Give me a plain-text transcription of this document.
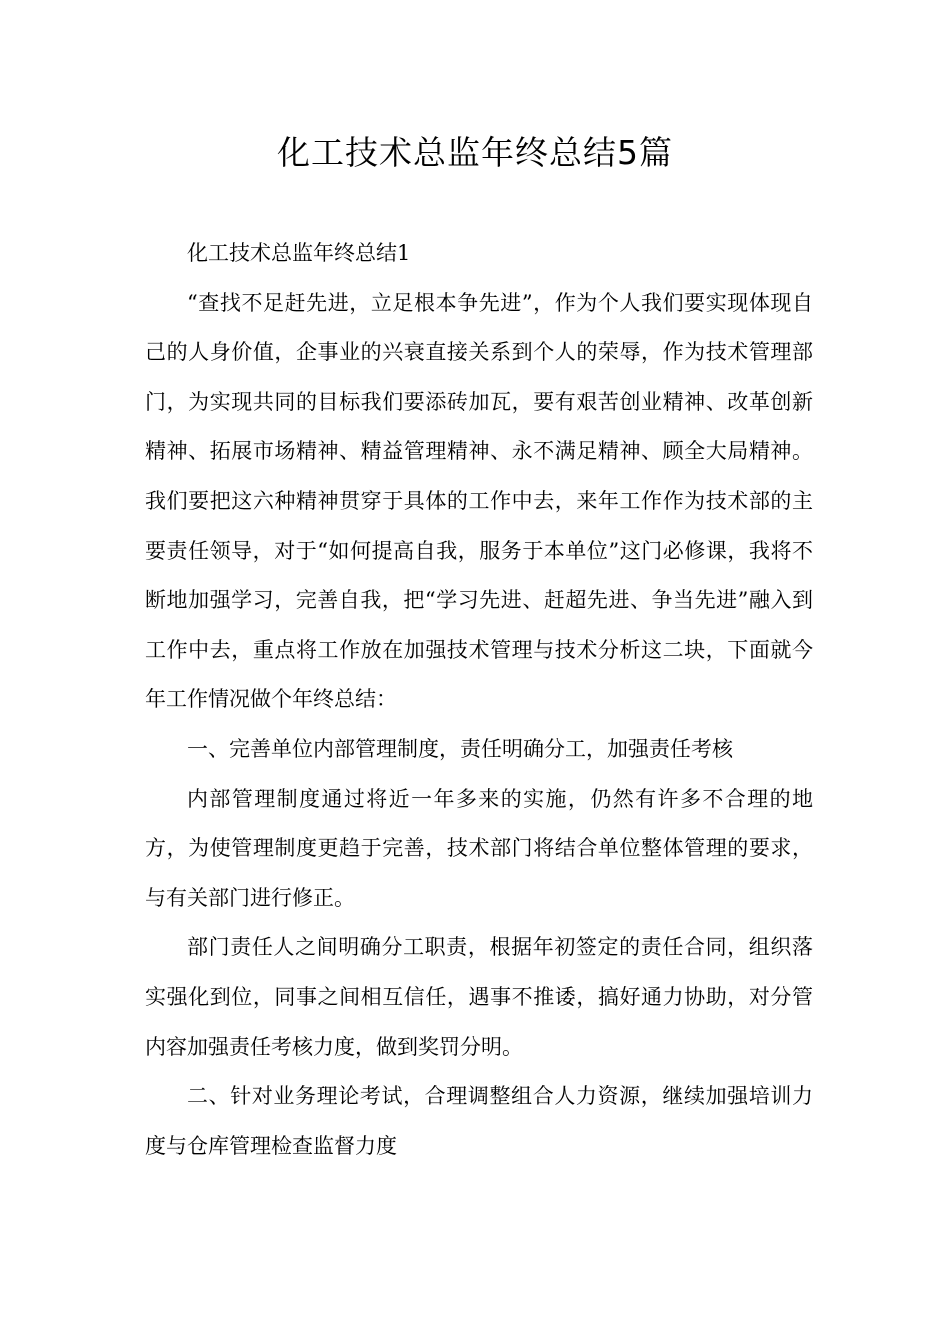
化工技术总监年终总结5篇

化工技术总监年终总结1

“查找不足赶先进，立足根本争先进”，作为个人我们要实现体现自己的人身价值，企事业的兴衰直接关系到个人的荣辱，作为技术管理部门，为实现共同的目标我们要添砖加瓦，要有艰苦创业精神、改革创新精神、拓展市场精神、精益管理精神、永不满足精神、顾全大局精神。我们要把这六种精神贯穿于具体的工作中去，来年工作作为技术部的主要责任领导，对于“如何提高自我，服务于本单位”这门必修课，我将不断地加强学习，完善自我，把“学习先进、赶超先进、争当先进”融入到工作中去，重点将工作放在加强技术管理与技术分析这二块，下面就今年工作情况做个年终总结：

一、完善单位内部管理制度，责任明确分工，加强责任考核

内部管理制度通过将近一年多来的实施，仍然有许多不合理的地方，为使管理制度更趋于完善，技术部门将结合单位整体管理的要求，与有关部门进行修正。

部门责任人之间明确分工职责，根据年初签定的责任合同，组织落实强化到位，同事之间相互信任，遇事不推诿，搞好通力协助，对分管内容加强责任考核力度，做到奖罚分明。

二、针对业务理论考试，合理调整组合人力资源，继续加强培训力度与仓库管理检查监督力度
